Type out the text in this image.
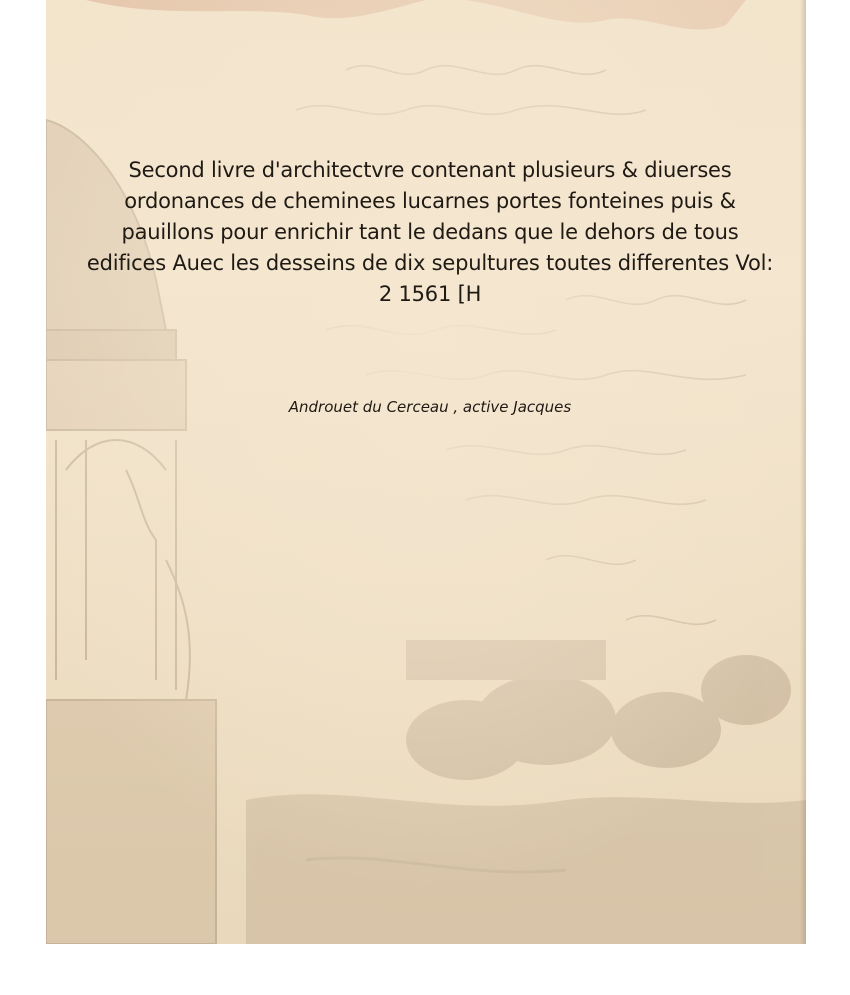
Second livre d'architectvre contenant plusieurs & diuerses ordonances de cheminees lucarnes portes fonteines puis & pauillons pour enrichir tant le dedans que le dehors de tous edifices Auec les desseins de dix sepultures toutes differentes Vol: 2 1561 [H
Androuet du Cerceau , active Jacques
